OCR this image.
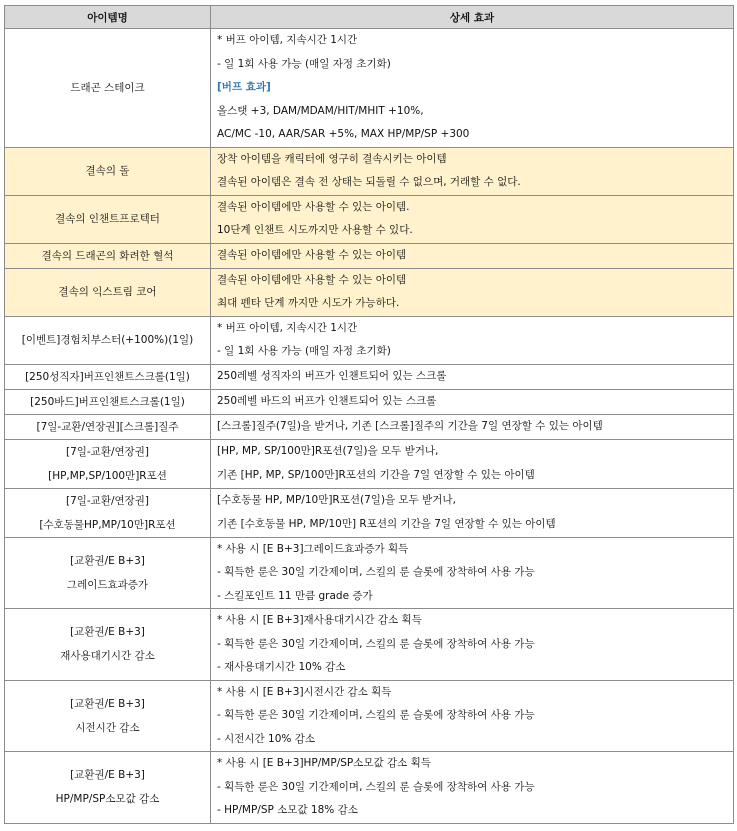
아이템명	상세 효과

드래곤 스테이크	* 버프 아이템, 지속시간 1시간
- 일 1회 사용 가능 (매일 자정 초기화)
[버프 효과]
올스탯 +3, DAM/MDAM/HIT/MHIT +10%,
AC/MC -10, AAR/SAR +5%, MAX HP/MP/SP +300

결속의 돌	장착 아이템을 캐릭터에 영구히 결속시키는 아이템
결속된 아이템은 결속 전 상태는 되돌릴 수 없으며, 거래할 수 없다.

결속의 인챈트프로텍터	결속된 아이템에만 사용할 수 있는 아이템.
10단계 인챈트 시도까지만 사용할 수 있다.

결속의 드래곤의 화려한 혈석	결속된 아이템에만 사용할 수 있는 아이템

결속의 익스트림 코어	결속된 아이템에만 사용할 수 있는 아이템
최대 펜타 단계 까지만 시도가 가능하다.

[이벤트]경험치부스터(+100%)(1일)	* 버프 아이템, 지속시간 1시간
- 일 1회 사용 가능 (매일 자정 초기화)

[250성직자]버프인챈트스크롤(1일)	250레벨 성직자의 버프가 인챈트되어 있는 스크롤

[250바드]버프인챈트스크롤(1일)	250레벨 바드의 버프가 인챈트되어 있는 스크롤

[7일-교환/연장권][스크롤]질주	[스크롤]질주(7일)을 받거나, 기존 [스크롤]질주의 기간을 7일 연장할 수 있는 아이템

[7일-교환/연장권]
[HP,MP,SP/100만]R포션	[HP, MP, SP/100만]R포션(7일)을 모두 받거나,
기존 [HP, MP, SP/100만]R포션의 기간을 7일 연장할 수 있는 아이템

[7일-교환/연장권]
[수호동물HP,MP/10만]R포션	[수호동물 HP, MP/10만]R포션(7일)을 모두 받거나,
기존 [수호동물 HP, MP/10만] R포션의 기간을 7일 연장할 수 있는 아이템

[교환권/E B+3]
그레이드효과증가	* 사용 시 [E B+3]그레이드효과증가 획득
- 획득한 룬은 30일 기간제이며, 스킬의 룬 슬롯에 장착하여 사용 가능
- 스킬포인트 11 만큼 grade 증가

[교환권/E B+3]
재사용대기시간 감소	* 사용 시 [E B+3]재사용대기시간 감소 획득
- 획득한 룬은 30일 기간제이며, 스킬의 룬 슬롯에 장착하여 사용 가능
- 재사용대기시간 10% 감소

[교환권/E B+3]
시전시간 감소	* 사용 시 [E B+3]시전시간 감소 획득
- 획득한 룬은 30일 기간제이며, 스킬의 룬 슬롯에 장착하여 사용 가능
- 시전시간 10% 감소

[교환권/E B+3]
HP/MP/SP소모값 감소	* 사용 시 [E B+3]HP/MP/SP소모값 감소 획득
- 획득한 룬은 30일 기간제이며, 스킬의 룬 슬롯에 장착하여 사용 가능
- HP/MP/SP 소모값 18% 감소
